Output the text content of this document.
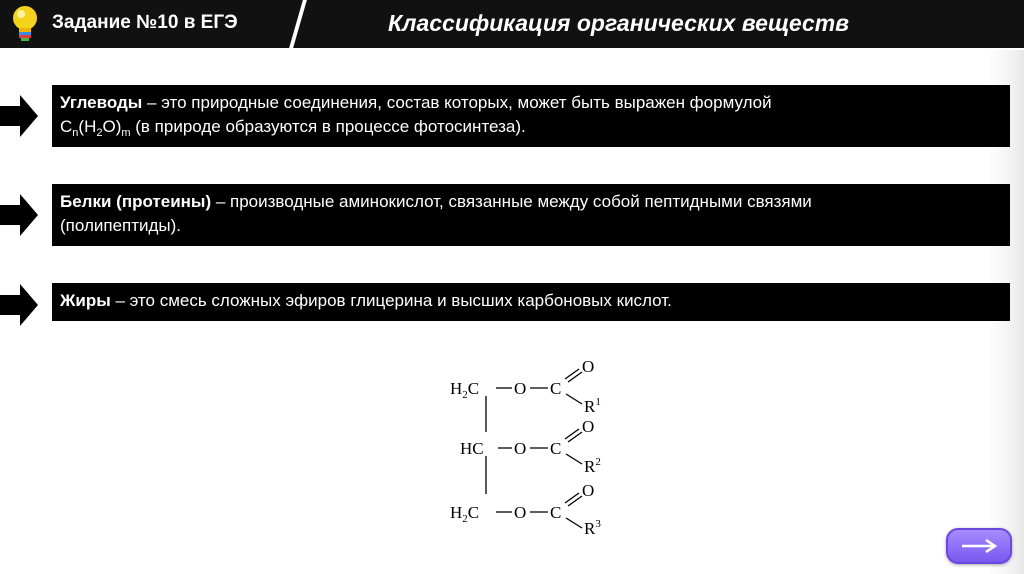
Задание №10 в ЕГЭ	Классификация органических веществ
Углеводы – это природные соединения, состав которых, может быть выражен формулой
$C_n(H_2O)_m$ (в природе образуются в процессе фотосинтеза).
Белки (протеины) – производные аминокислот, связанные между собой пептидными связями
(полипептиды).
Жиры – это смесь сложных эфиров глицерина и высших карбоновых кислот.
$H_2C$ O C
O
$R^1$
HC O C
O
$R^2$
$H_2C$ O C
O
$R^3$
